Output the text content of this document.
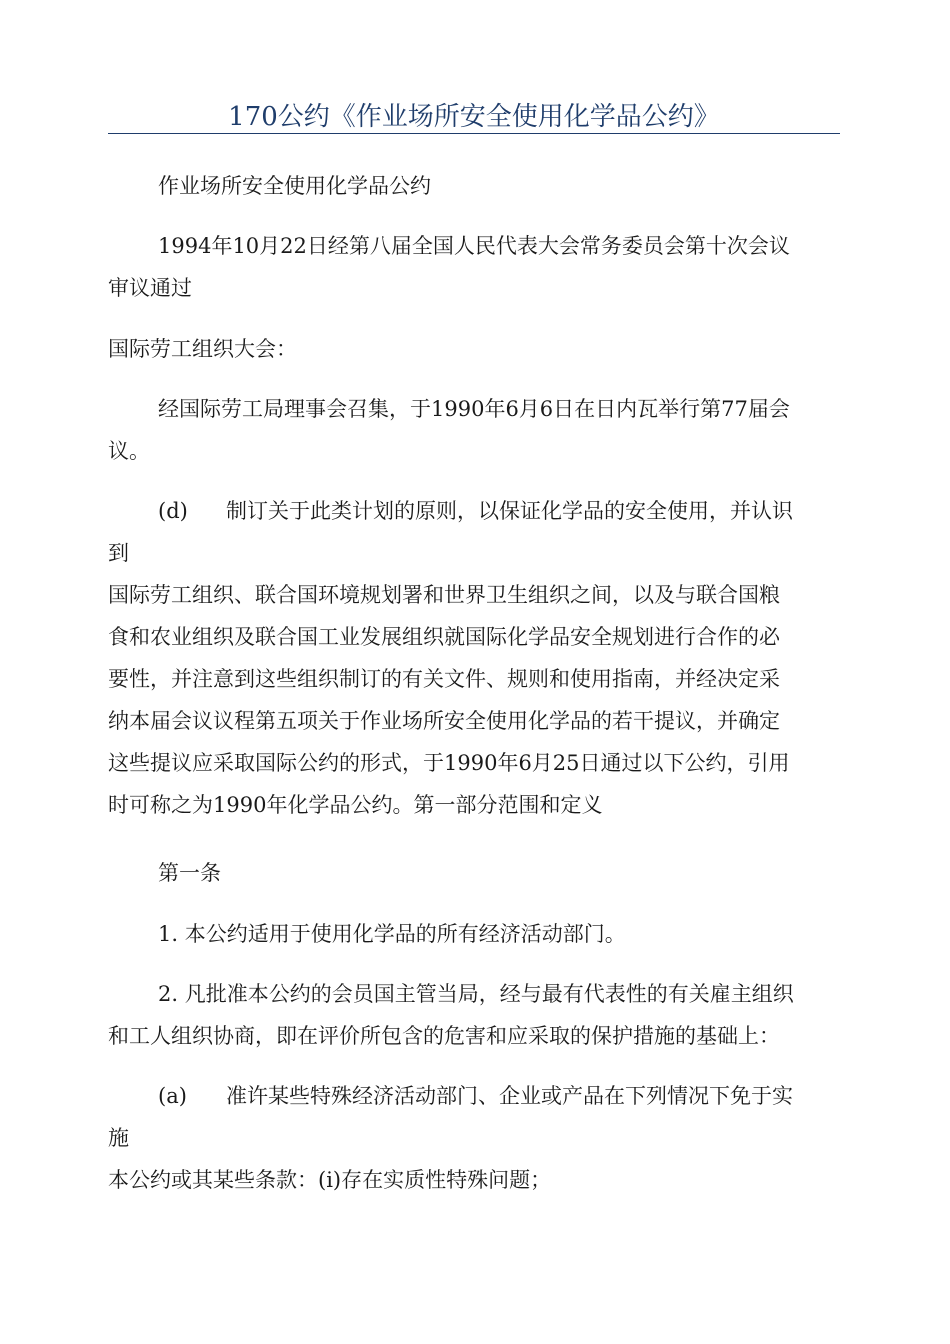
170公约《作业场所安全使用化学品公约》
作业场所安全使用化学品公约
1994年10月22日经第八届全国人民代表大会常务委员会第十次会议
审议通过
国际劳工组织大会：
经国际劳工局理事会召集，于1990年6月6日在日内瓦举行第77届会
议。
(d) 制订关于此类计划的原则，以保证化学品的安全使用，并认识
到
国际劳工组织、联合国环境规划署和世界卫生组织之间，以及与联合国粮
食和农业组织及联合国工业发展组织就国际化学品安全规划进行合作的必
要性，并注意到这些组织制订的有关文件、规则和使用指南，并经决定采
纳本届会议议程第五项关于作业场所安全使用化学品的若干提议，并确定
这些提议应采取国际公约的形式，于1990年6月25日通过以下公约，引用
时可称之为1990年化学品公约。第一部分范围和定义
第一条
1. 本公约适用于使用化学品的所有经济活动部门。
2. 凡批准本公约的会员国主管当局，经与最有代表性的有关雇主组织
和工人组织协商，即在评价所包含的危害和应采取的保护措施的基础上：
(a) 准许某些特殊经济活动部门、企业或产品在下列情况下免于实
施
本公约或其某些条款：(i)存在实质性特殊问题；
